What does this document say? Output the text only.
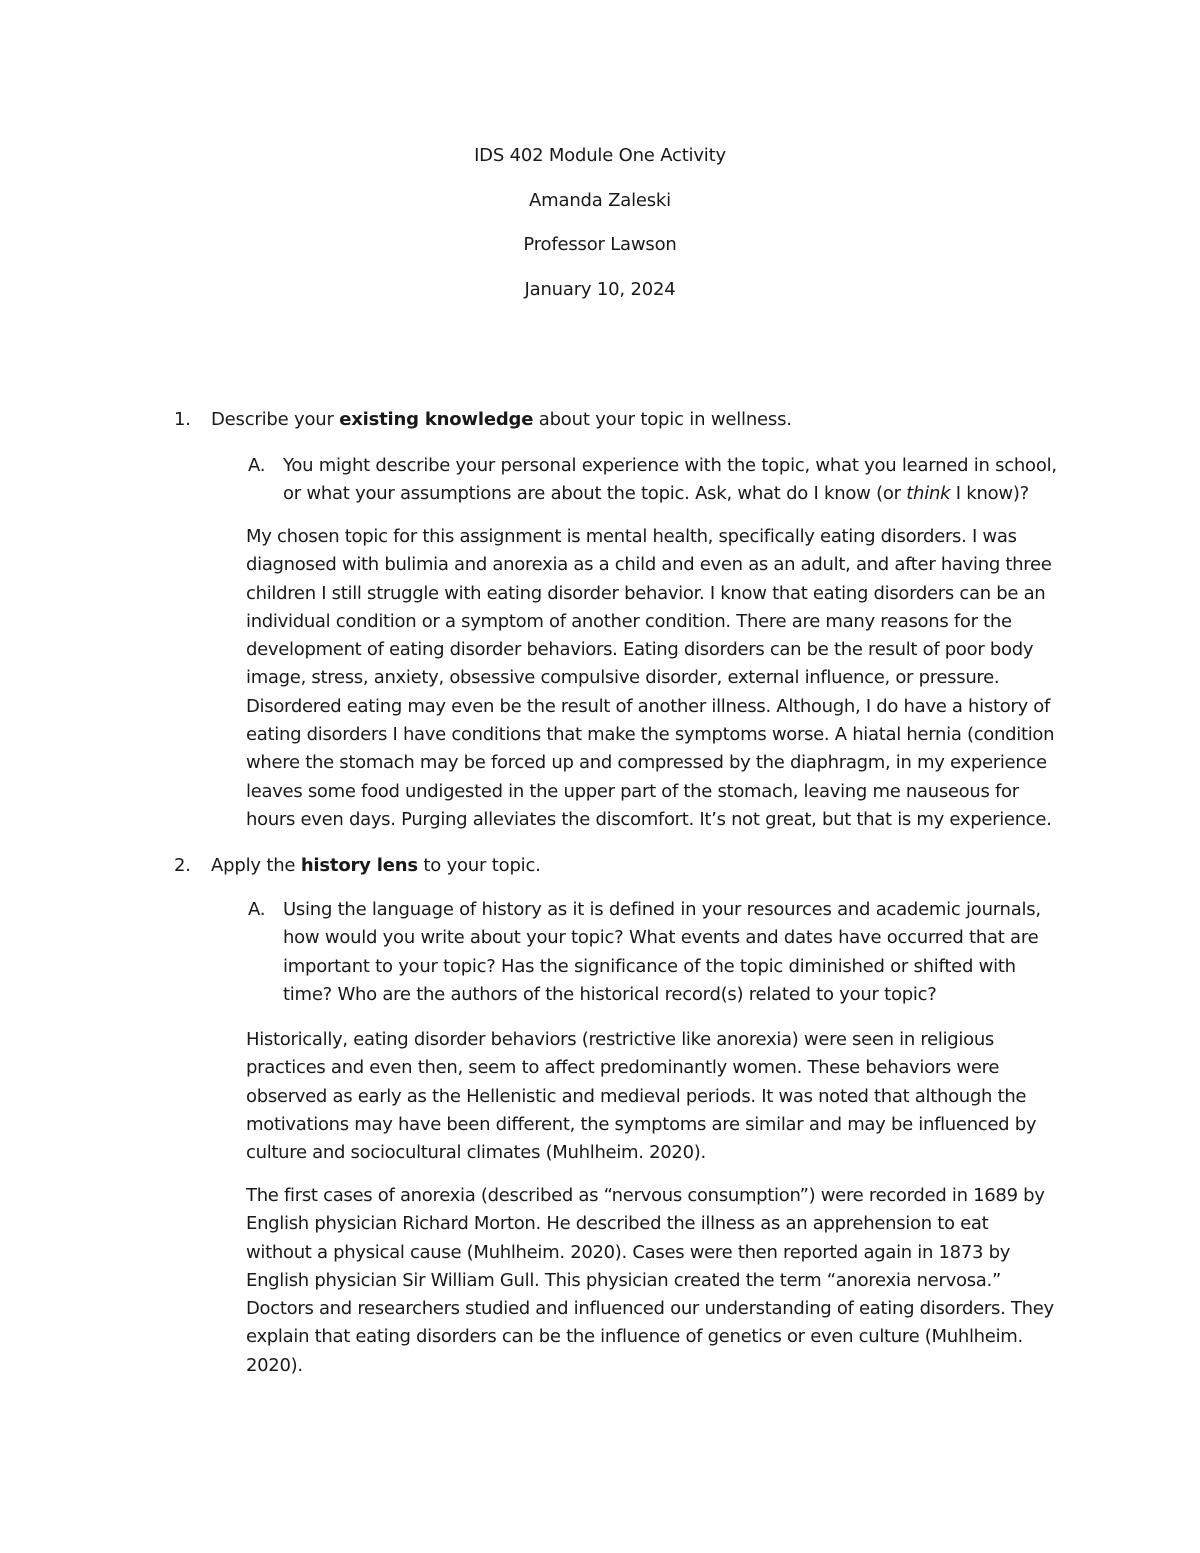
IDS 402 Module One Activity
Amanda Zaleski
Professor Lawson
January 10, 2024
1. Describe your existing knowledge about your topic in wellness.
A. You might describe your personal experience with the topic, what you learned in school,
or what your assumptions are about the topic. Ask, what do I know (or think I know)?
My chosen topic for this assignment is mental health, specifically eating disorders. I was
diagnosed with bulimia and anorexia as a child and even as an adult, and after having three
children I still struggle with eating disorder behavior. I know that eating disorders can be an
individual condition or a symptom of another condition. There are many reasons for the
development of eating disorder behaviors. Eating disorders can be the result of poor body
image, stress, anxiety, obsessive compulsive disorder, external influence, or pressure.
Disordered eating may even be the result of another illness. Although, I do have a history of
eating disorders I have conditions that make the symptoms worse. A hiatal hernia (condition
where the stomach may be forced up and compressed by the diaphragm, in my experience
leaves some food undigested in the upper part of the stomach, leaving me nauseous for
hours even days. Purging alleviates the discomfort. It’s not great, but that is my experience.
2. Apply the history lens to your topic.
A. Using the language of history as it is defined in your resources and academic journals,
how would you write about your topic? What events and dates have occurred that are
important to your topic? Has the significance of the topic diminished or shifted with
time? Who are the authors of the historical record(s) related to your topic?
Historically, eating disorder behaviors (restrictive like anorexia) were seen in religious
practices and even then, seem to affect predominantly women. These behaviors were
observed as early as the Hellenistic and medieval periods. It was noted that although the
motivations may have been different, the symptoms are similar and may be influenced by
culture and sociocultural climates (Muhlheim. 2020).
The first cases of anorexia (described as “nervous consumption”) were recorded in 1689 by
English physician Richard Morton. He described the illness as an apprehension to eat
without a physical cause (Muhlheim. 2020). Cases were then reported again in 1873 by
English physician Sir William Gull. This physician created the term “anorexia nervosa.”
Doctors and researchers studied and influenced our understanding of eating disorders. They
explain that eating disorders can be the influence of genetics or even culture (Muhlheim.
2020).
